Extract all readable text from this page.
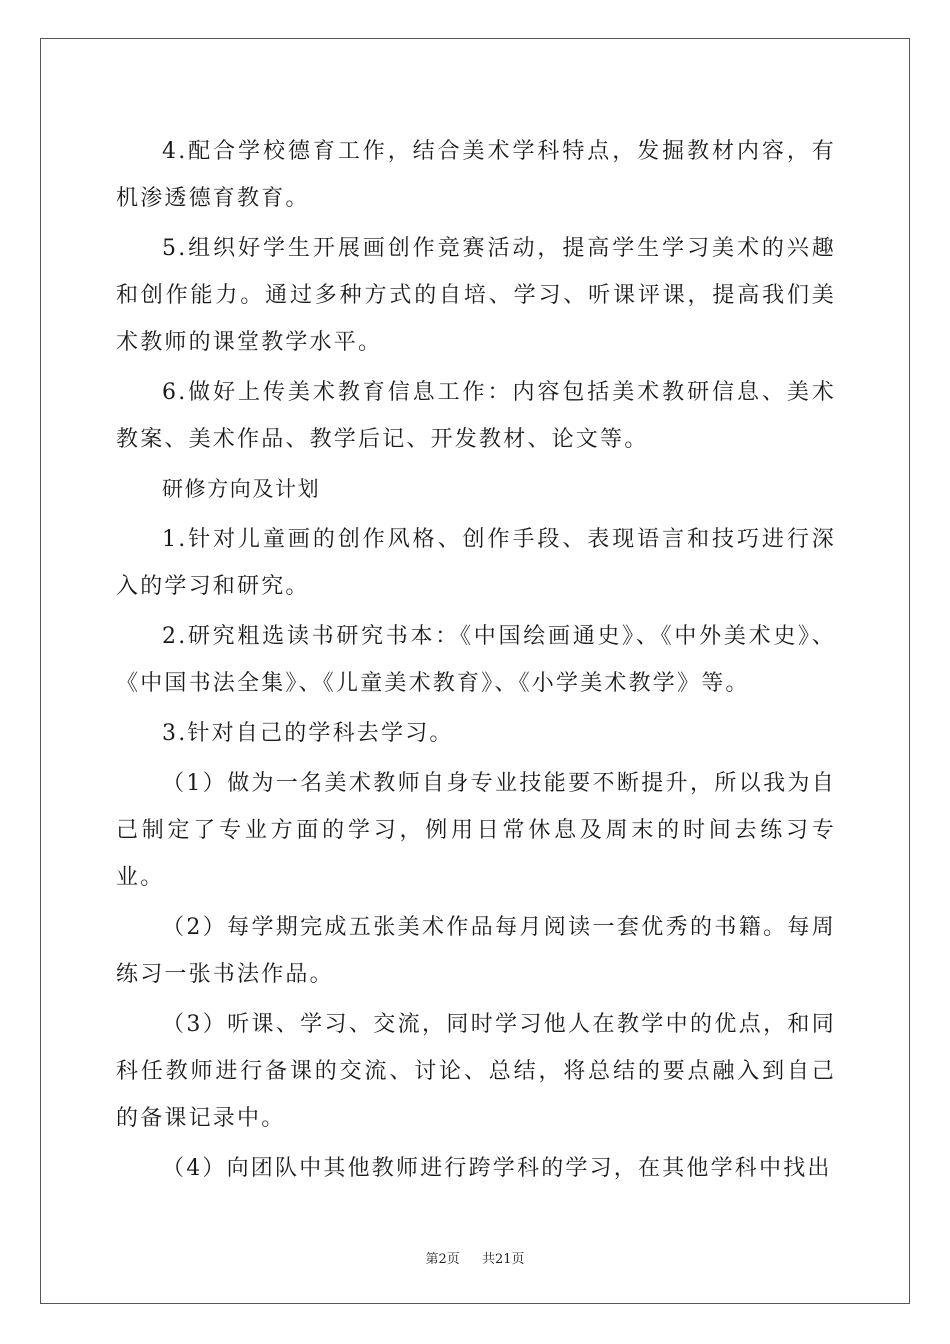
4.配合学校德育工作，结合美术学科特点，发掘教材内容，有机渗透德育教育。

5.组织好学生开展画创作竞赛活动，提高学生学习美术的兴趣和创作能力。通过多种方式的自培、学习、听课评课，提高我们美术教师的课堂教学水平。

6.做好上传美术教育信息工作：内容包括美术教研信息、美术教案、美术作品、教学后记、开发教材、论文等。

研修方向及计划

1.针对儿童画的创作风格、创作手段、表现语言和技巧进行深入的学习和研究。

2.研究粗选读书研究书本：《中国绘画通史》、《中外美术史》、《中国书法全集》、《儿童美术教育》、《小学美术教学》等。

3.针对自己的学科去学习。

（1）做为一名美术教师自身专业技能要不断提升，所以我为自己制定了专业方面的学习，例用日常休息及周末的时间去练习专业。

（2）每学期完成五张美术作品每月阅读一套优秀的书籍。每周练习一张书法作品。

（3）听课、学习、交流，同时学习他人在教学中的优点，和同科任教师进行备课的交流、讨论、总结，将总结的要点融入到自己的备课记录中。

（4）向团队中其他教师进行跨学科的学习，在其他学科中找出

第2页 共21页
